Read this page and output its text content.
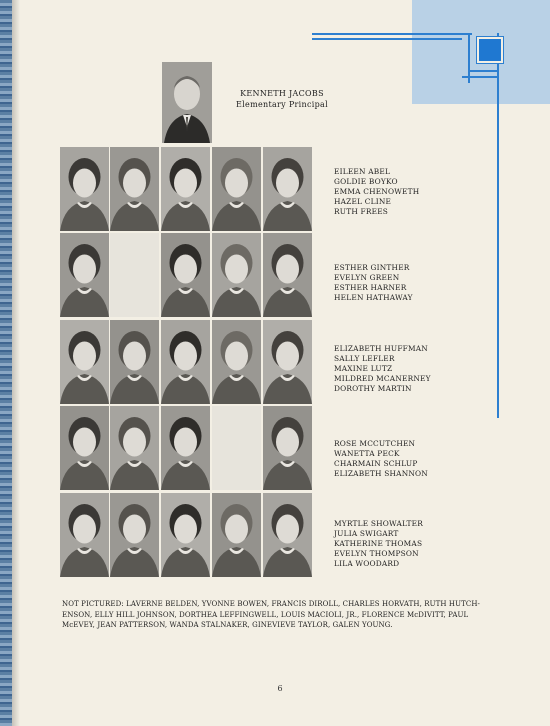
KENNETH JACOBS
Elementary Principal
EILEEN ABEL
GOLDIE BOYKO
EMMA CHENOWETH
HAZEL CLINE
RUTH FREES
ESTHER GINTHER
EVELYN GREEN
ESTHER HARNER
HELEN HATHAWAY
ELIZABETH HUFFMAN
SALLY LEFLER
MAXINE LUTZ
MILDRED MCANERNEY
DOROTHY MARTIN
ROSE MCCUTCHEN
WANETTA PECK
CHARMAIN SCHLUP
ELIZABETH SHANNON
MYRTLE SHOWALTER
JULIA SWIGART
KATHERINE THOMAS
EVELYN THOMPSON
LILA WOODARD
NOT PICTURED: LAVERNE BELDEN, YVONNE BOWEN, FRANCIS DIROLL, CHARLES HORVATH, RUTH HUTCH-
ENSON, ELLY HILL JOHNSON, DORTHEA LEFFINGWELL, LOUIS MACIOLI, JR., FLORENCE McDIVITT, PAUL
McEVEY, JEAN PATTERSON, WANDA STALNAKER, GINEVIEVE TAYLOR, GALEN YOUNG.
6
